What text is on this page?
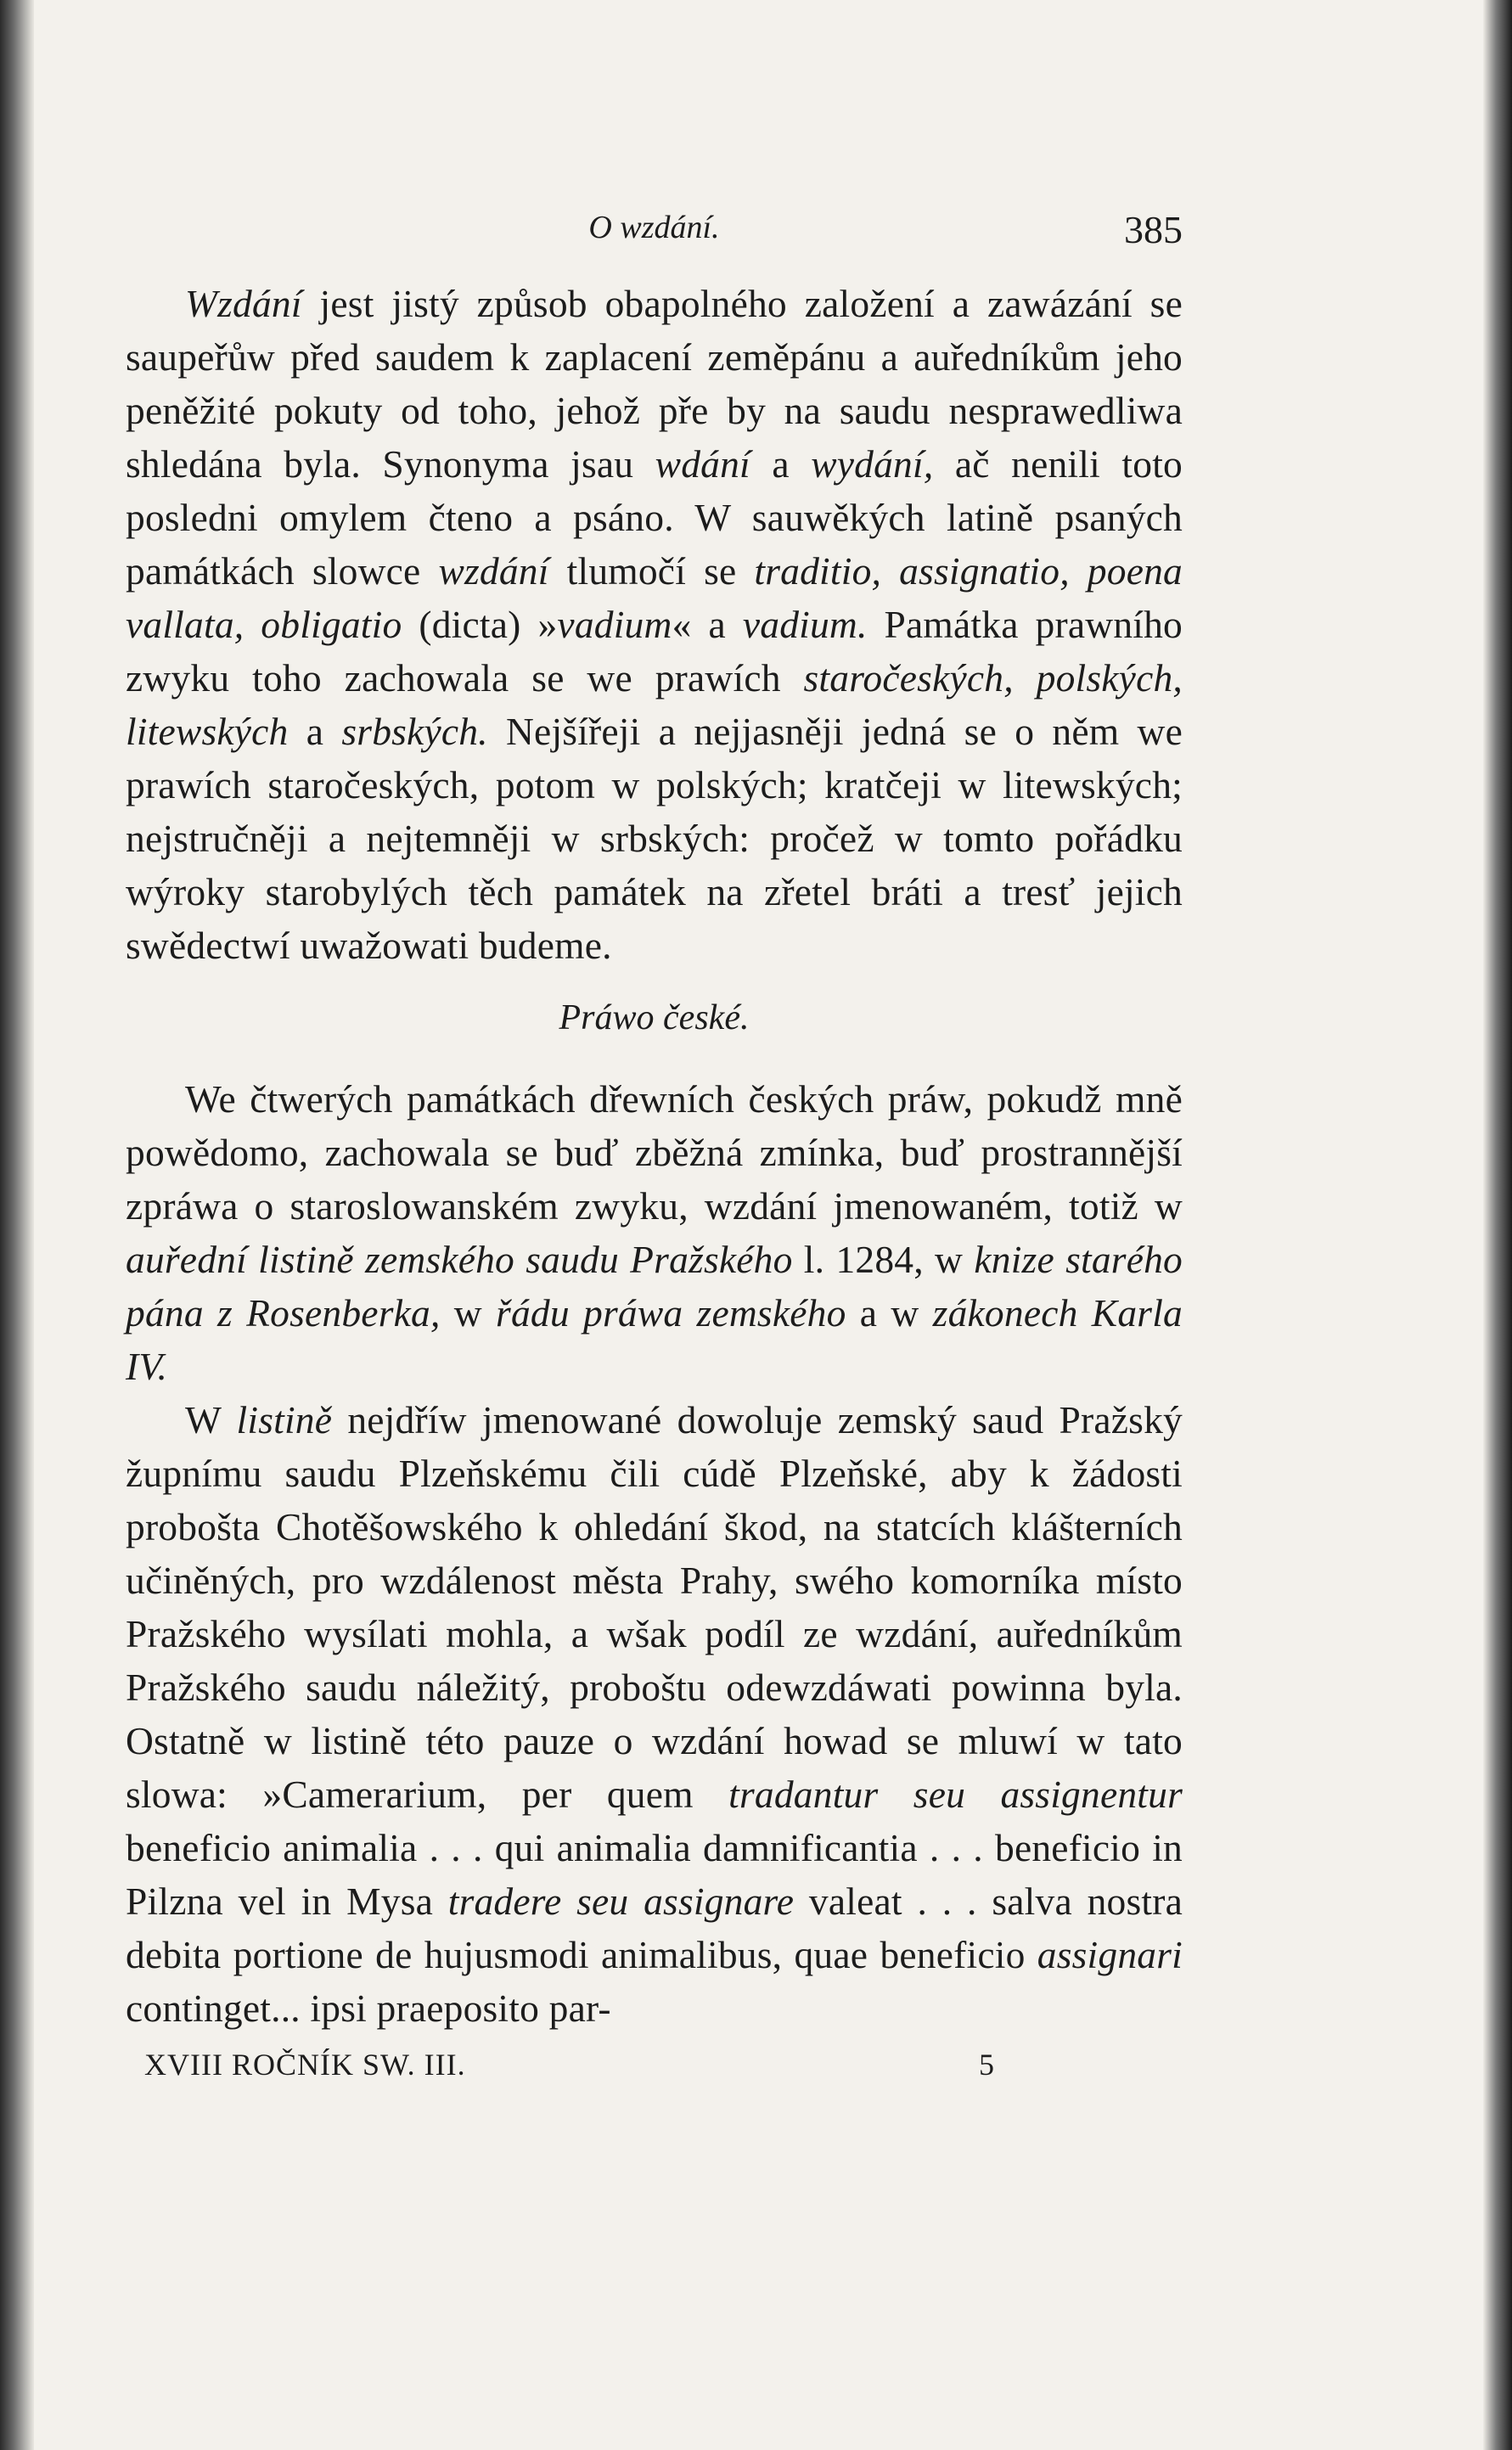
O wzdání.	385

Wzdání jest jistý způsob obapolného založení a zawázání se saupeřůw před saudem k zaplacení zeměpánu a auředníkům jeho peněžité pokuty od toho, jehož pře by na saudu nesprawedliwa shledána byla. Synonyma jsau wdání a wydání, ač nenili toto posledni omylem čteno a psáno. W sauwěkých latině psaných památkách slowce wzdání tlumočí se traditio, assignatio, poena vallata, obligatio (dicta) »vadium« a vadium. Památka prawního zwyku toho zachowala se we prawích staročeských, polských, litewských a srbských. Nejšířeji a nejjasněji jedná se o něm we prawích staročeských, potom w polských; kratčeji w litewských; nejstručněji a nejtemněji w srbských: pročež w tomto pořádku wýroky starobylých těch památek na zřetel bráti a tresť jejich swědectwí uwažowati budeme.

Práwo české.

We čtwerých památkách dřewních českých práw, pokudž mně powědomo, zachowala se buď zběžná zmínka, buď prostrannější zpráwa o staroslowanském zwyku, wzdání jmenowaném, totiž w auřední listině zemského saudu Pražského l. 1284, w knize starého pána z Rosenberka, w řádu práwa zemského a w zákonech Karla IV.

W listině nejdříw jmenowané dowoluje zemský saud Pražský župnímu saudu Plzeňskému čili cúdě Plzeňské, aby k žádosti probošta Chotěšowského k ohledání škod, na statcích klášterních učiněných, pro wzdálenost města Prahy, swého komorníka místo Pražského wysílati mohla, a wšak podíl ze wzdání, auředníkům Pražského saudu náležitý, proboštu odewzdáwati powinna byla. Ostatně w listině této pauze o wzdání howad se mluwí w tato slowa: »Camerarium, per quem tradantur seu assignentur beneficio animalia . . . qui animalia damnificantia . . . beneficio in Pilzna vel in Mysa tradere seu assignare valeat . . . salva nostra debita portione de hujusmodi animalibus, quae beneficio assignari continget... ipsi praeposito par-

XVIII ROČNÍK SW. III.	5
